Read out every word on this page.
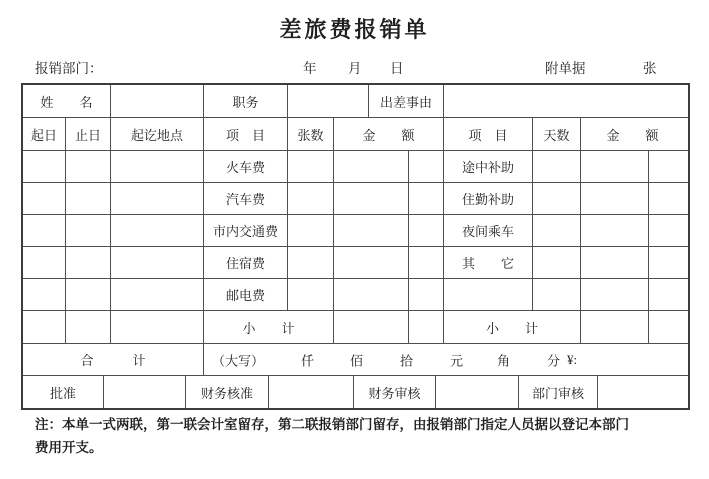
差旅费报销单
报销部门：	年 月 日	附单据	张
姓　　名	职务	出差事由
起日	止日	起讫地点	项　目	张数	金　　额	项　目	天数	金　　额
火车费	途中补助
汽车费	住勤补助
市内交通费	夜间乘车
住宿费	其　　它
邮电费
小　　计	小　　计
合　　　计	（大写）	仟	佰	拾	元	角	分 ¥:
批准	财务核准	财务审核	部门审核

注：本单一式两联，第一联会计室留存，第二联报销部门留存，由报销部门指定人员据以登记本部门
费用开支。
